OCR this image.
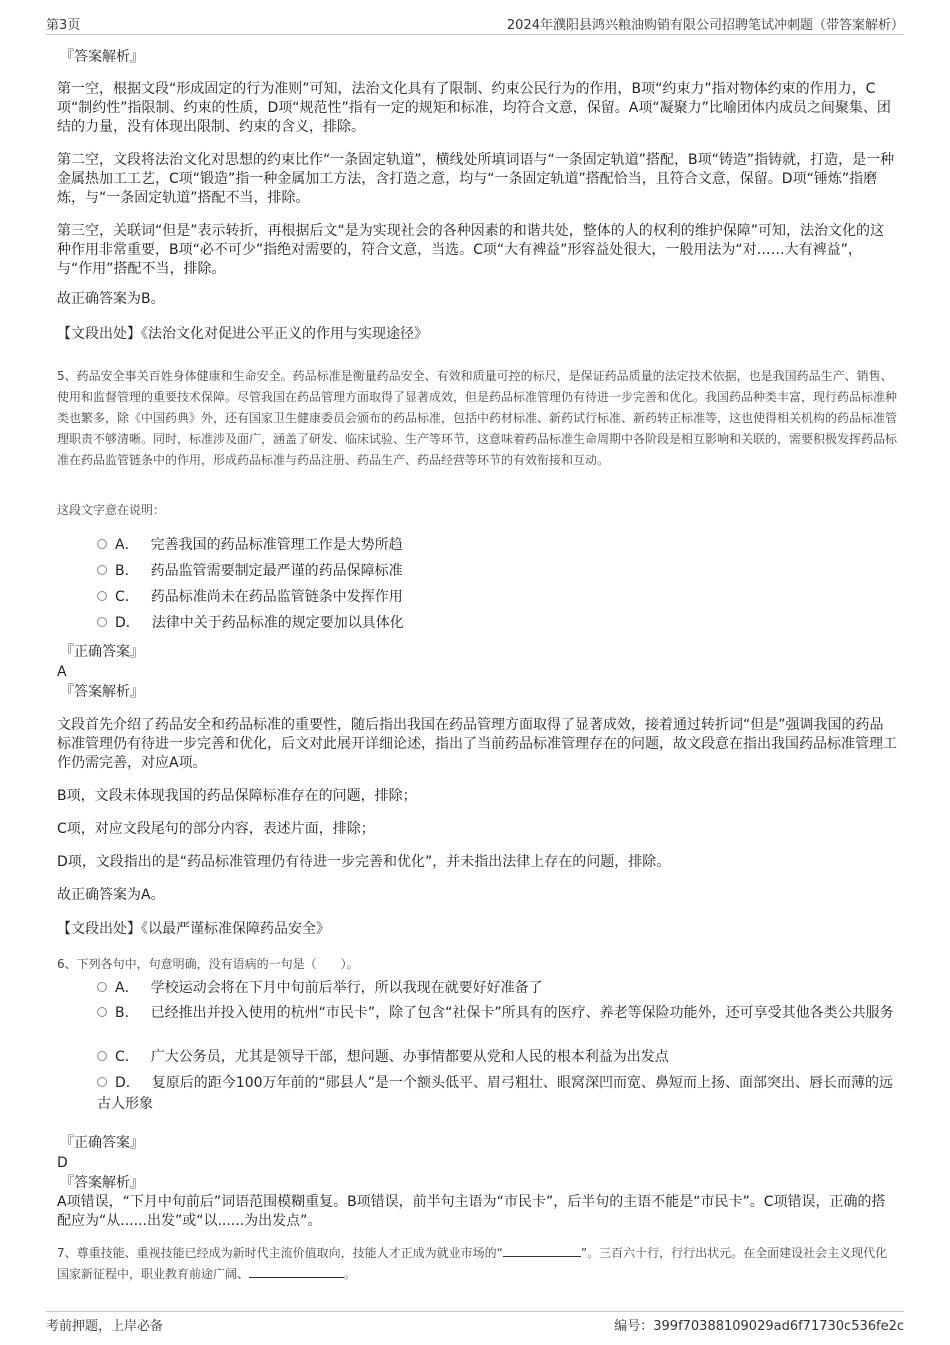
第3页	2024年濮阳县鸿兴粮油购销有限公司招聘笔试冲刺题（带答案解析）
『答案解析』

第一空，根据文段“形成固定的行为准则”可知，法治文化具有了限制、约束公民行为的作用，B项“约束力”指对物体约束的作用力，C项“制约性”指限制、约束的性质，D项“规范性”指有一定的规矩和标准，均符合文意，保留。A项“凝聚力”比喻团体内成员之间聚集、团结的力量，没有体现出限制、约束的含义，排除。

第二空，文段将法治文化对思想的约束比作“一条固定轨道”，横线处所填词语与“一条固定轨道”搭配，B项“铸造”指铸就，打造，是一种金属热加工工艺，C项“锻造”指一种金属加工方法，含打造之意，均与“一条固定轨道”搭配恰当，且符合文意，保留。D项“锤炼”指磨炼，与“一条固定轨道”搭配不当，排除。

第三空，关联词“但是”表示转折，再根据后文“是为实现社会的各种因素的和谐共处，整体的人的权利的维护保障”可知，法治文化的这种作用非常重要，B项“必不可少”指绝对需要的，符合文意，当选。C项“大有裨益”形容益处很大，一般用法为“对……大有裨益”，与“作用”搭配不当，排除。

故正确答案为B。

【文段出处】《法治文化对促进公平正义的作用与实现途径》

5、药品安全事关百姓身体健康和生命安全。药品标准是衡量药品安全、有效和质量可控的标尺，是保证药品质量的法定技术依据，也是我国药品生产、销售、使用和监督管理的重要技术保障。尽管我国在药品管理方面取得了显著成效，但是药品标准管理仍有待进一步完善和优化。我国药品种类丰富，现行药品标准种类也繁多，除《中国药典》外，还有国家卫生健康委员会颁布的药品标准，包括中药材标准、新药试行标准、新药转正标准等，这也使得相关机构的药品标准管理职责不够清晰。同时，标准涉及面广，涵盖了研发、临床试验、生产等环节，这意味着药品标准生命周期中各阶段是相互影响和关联的，需要积极发挥药品标准在药品监管链条中的作用，形成药品标准与药品注册、药品生产、药品经营等环节的有效衔接和互动。

这段文字意在说明：

A． 完善我国的药品标准管理工作是大势所趋
B． 药品监管需要制定最严谨的药品保障标准
C． 药品标准尚未在药品监管链条中发挥作用
D． 法律中关于药品标准的规定要加以具体化
『正确答案』
A
『答案解析』

文段首先介绍了药品安全和药品标准的重要性，随后指出我国在药品管理方面取得了显著成效，接着通过转折词“但是”强调我国的药品标准管理仍有待进一步完善和优化，后文对此展开详细论述，指出了当前药品标准管理存在的问题，故文段意在指出我国药品标准管理工作仍需完善，对应A项。

B项，文段未体现我国的药品保障标准存在的问题，排除；

C项，对应文段尾句的部分内容，表述片面，排除；

D项，文段指出的是“药品标准管理仍有待进一步完善和优化”，并未指出法律上存在的问题，排除。

故正确答案为A。

【文段出处】《以最严谨标准保障药品安全》

6、下列各句中，句意明确，没有语病的一句是（　　）。

A． 学校运动会将在下月中旬前后举行，所以我现在就要好好准备了
B． 已经推出并投入使用的杭州“市民卡”，除了包含“社保卡”所具有的医疗、养老等保险功能外，还可享受其他各类公共服务
C． 广大公务员，尤其是领导干部，想问题、办事情都要从党和人民的根本利益为出发点
D． 复原后的距今100万年前的“郧县人”是一个额头低平、眉弓粗壮、眼窝深凹而宽、鼻短而上扬、面部突出、唇长而薄的远古人形象
『正确答案』
D
『答案解析』

A项错误，“下月中旬前后”词语范围模糊重复。B项错误，前半句主语为“市民卡”，后半句的主语不能是“市民卡”。C项错误，正确的搭配应为“从......出发”或“以......为出发点”。

7、尊重技能、重视技能已经成为新时代主流价值取向，技能人才正成为就业市场的“	”。三百六十行，行行出状元。在全面建设社会主义现代化国家新征程中，职业教育前途广阔、	。

考前押题，上岸必备	编号：399f70388109029ad6f71730c536fe2c
